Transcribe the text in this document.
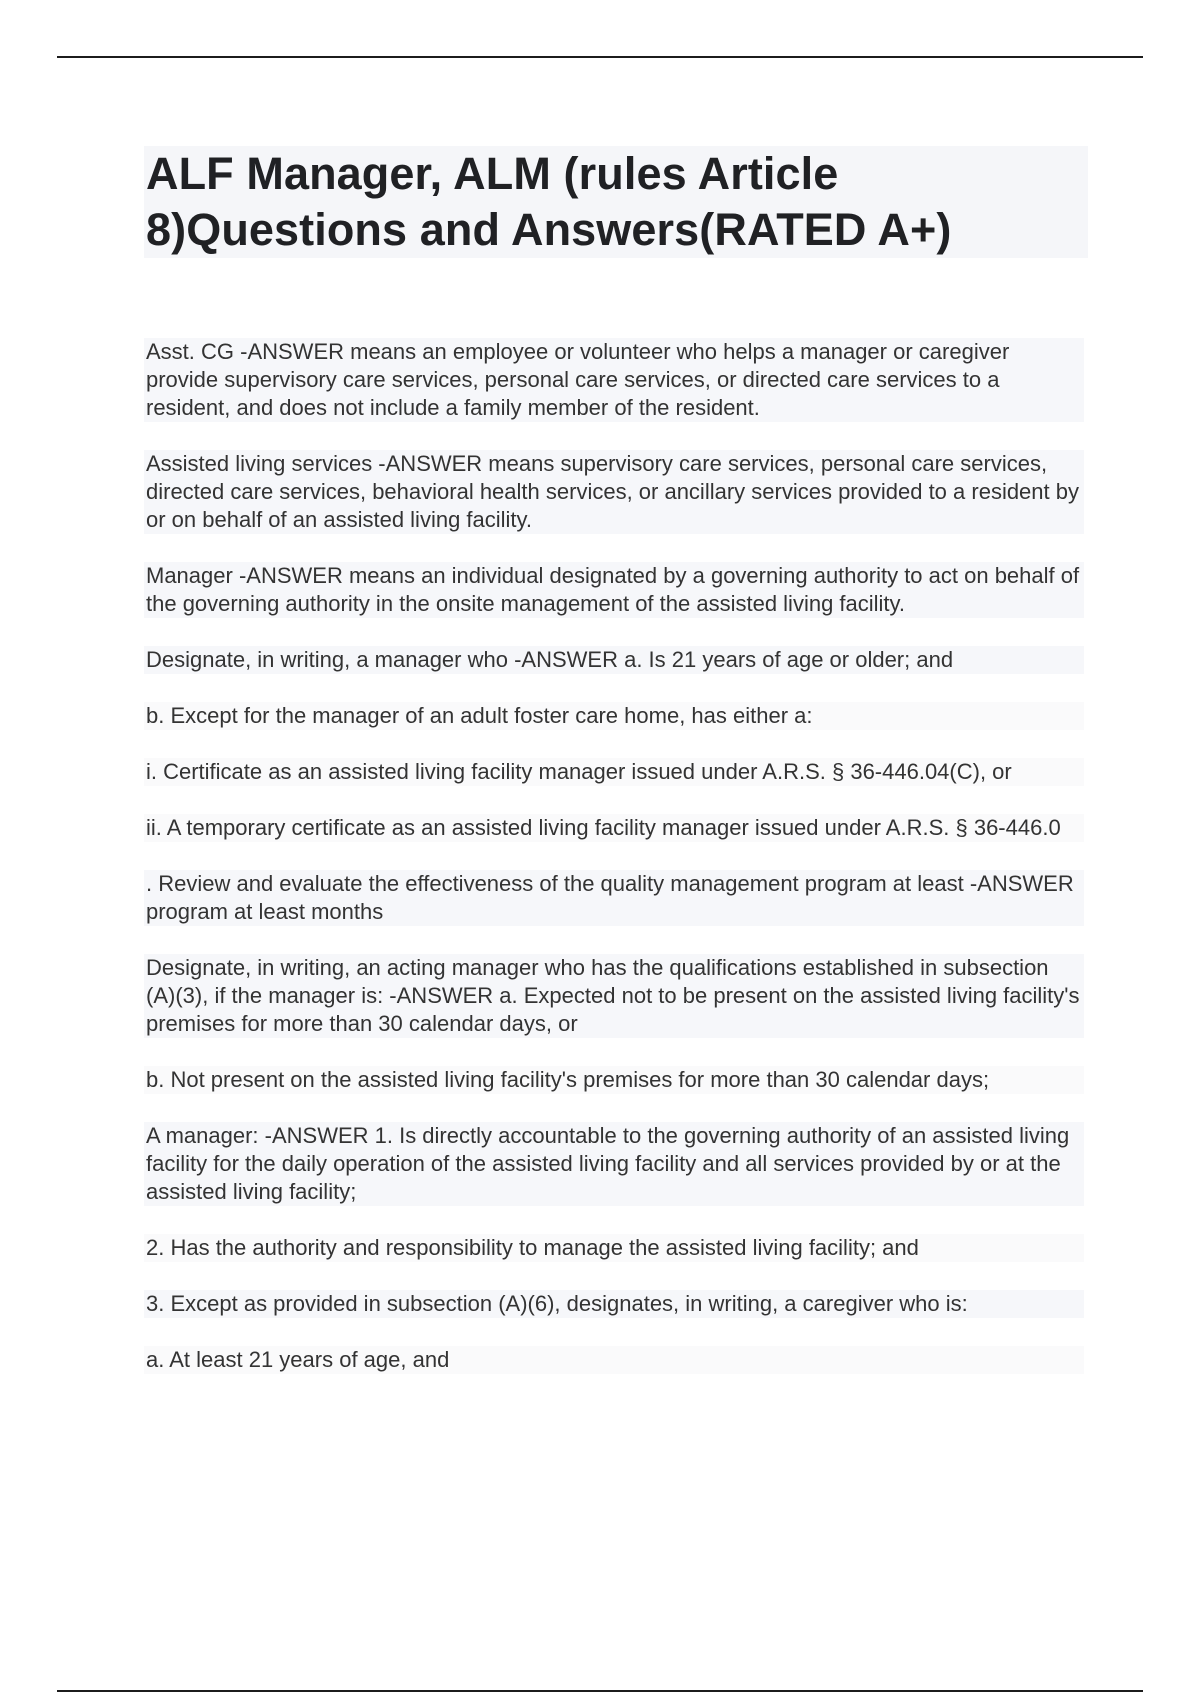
ALF Manager, ALM (rules Article
8)Questions and Answers(RATED A+)

Asst. CG -ANSWER means an employee or volunteer who helps a manager or caregiver provide supervisory care services, personal care services, or directed care services to a resident, and does not include a family member of the resident.

Assisted living services -ANSWER means supervisory care services, personal care services, directed care services, behavioral health services, or ancillary services provided to a resident by or on behalf of an assisted living facility.

Manager -ANSWER means an individual designated by a governing authority to act on behalf of the governing authority in the onsite management of the assisted living facility.

Designate, in writing, a manager who -ANSWER a. Is 21 years of age or older; and

b. Except for the manager of an adult foster care home, has either a:

i. Certificate as an assisted living facility manager issued under A.R.S. § 36-446.04(C), or

ii. A temporary certificate as an assisted living facility manager issued under A.R.S. § 36-446.0

. Review and evaluate the effectiveness of the quality management program at least -ANSWER program at least months

Designate, in writing, an acting manager who has the qualifications established in subsection (A)(3), if the manager is: -ANSWER a. Expected not to be present on the assisted living facility's premises for more than 30 calendar days, or

b. Not present on the assisted living facility's premises for more than 30 calendar days;

A manager: -ANSWER 1. Is directly accountable to the governing authority of an assisted living facility for the daily operation of the assisted living facility and all services provided by or at the assisted living facility;

2. Has the authority and responsibility to manage the assisted living facility; and

3. Except as provided in subsection (A)(6), designates, in writing, a caregiver who is:

a. At least 21 years of age, and
